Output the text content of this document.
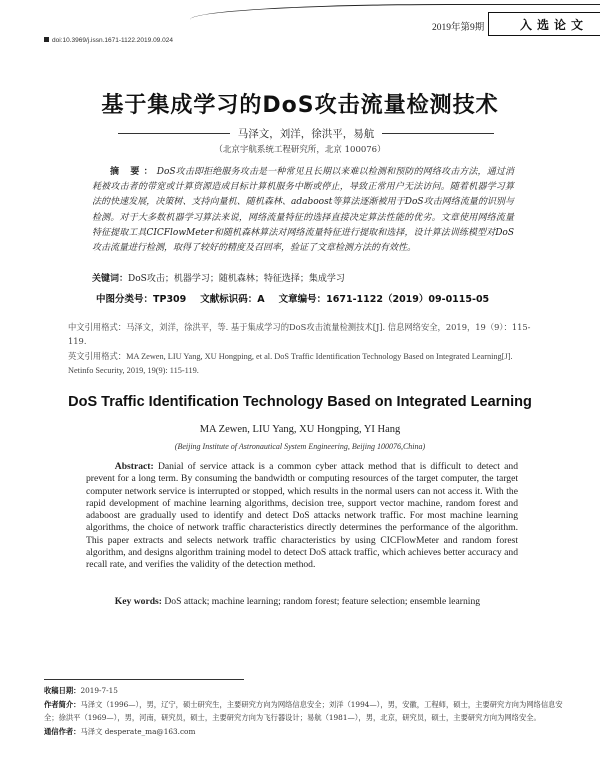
2019年第9期	入选论文
doi:10.3969/j.issn.1671-1122.2019.09.024
基于集成学习的DoS攻击流量检测技术
马泽文，刘洋，徐洪平，易航
（北京宇航系统工程研究所，北京 100076）
摘 要：DoS攻击即拒绝服务攻击是一种常见且长期以来难以检测和预防的网络攻击方法，通过消耗被攻击者的带宽或计算资源造成目标计算机服务中断或停止，导致正常用户无法访问。随着机器学习算法的快速发展，决策树、支持向量机、随机森林、adaboost等算法逐渐被用于DoS攻击网络流量的识别与检测。对于大多数机器学习算法来说，网络流量特征的选择直接决定算法性能的优劣。文章使用网络流量特征提取工具CICFlowMeter和随机森林算法对网络流量特征进行提取和选择，设计算法训练模型对DoS攻击流量进行检测，取得了较好的精度及召回率，验证了文章检测方法的有效性。
关键词：DoS攻击；机器学习；随机森林；特征选择；集成学习
中图分类号：TP309 文献标识码：A 文章编号：1671-1122（2019）09-0115-05
中文引用格式：马泽文，刘洋，徐洪平，等. 基于集成学习的DoS攻击流量检测技术[J]. 信息网络安全，2019，19（9）：115-119.
英文引用格式：MA Zewen, LIU Yang, XU Hongping, et al. DoS Traffic Identification Technology Based on Integrated Learning[J]. Netinfo Security, 2019, 19(9): 115-119.
DoS Traffic Identification Technology Based on Integrated Learning
MA Zewen, LIU Yang, XU Hongping, YI Hang
(Beijing Institute of Astronautical System Engineering, Beijing 100076,China)
Abstract: Danial of service attack is a common cyber attack method that is difficult to detect and prevent for a long term. By consuming the bandwidth or computing resources of the target computer, the target computer network service is interrupted or stopped, which results in the normal users can not access it. With the rapid development of machine learning algorithms, decision tree, support vector machine, random forest and adaboost are gradually used to identify and detect DoS attacks network traffic. For most machine learning algorithms, the choice of network traffic characteristics directly determines the performance of the algorithm. This paper extracts and selects network traffic characteristics by using CICFlowMeter and random forest algorithm, and designs algorithm training model to detect DoS attack traffic, which achieves better accuracy and recall rate, and verifies the validity of the detection method.
Key words: DoS attack; machine learning; random forest; feature selection; ensemble learning
收稿日期：2019-7-15
作者简介：马泽文（1996—），男，辽宁，硕士研究生，主要研究方向为网络信息安全；刘洋（1994—），男，安徽，工程师，硕士，主要研究方向为网络信息安全；徐洪平（1969—），男，河南，研究员，硕士，主要研究方向为飞行器设计；易航（1981—），男，北京，研究员，硕士，主要研究方向为网络安全。
通信作者：马泽文 desperate_ma@163.com
